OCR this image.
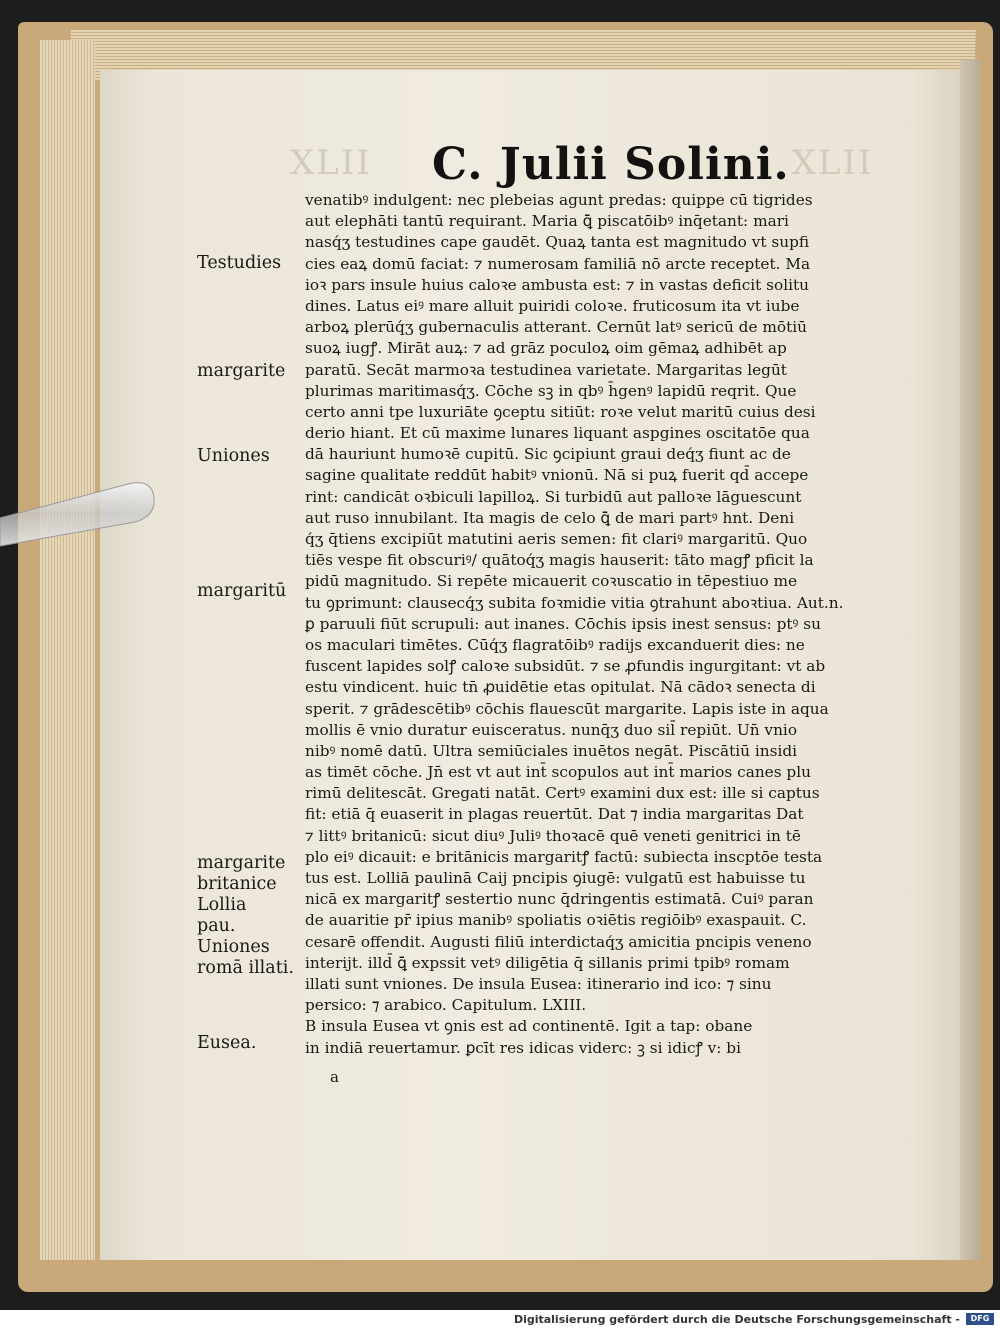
XLII	XLII
C. Julii Solini.
venatibꝰ indulgent: nec plebeias agunt predas: quippe cū tigrides
aut elephāti tantū requirant. Maria ꝗ̄ piscatōibꝰ inq̄etant: mari
nasq́ʒ testudines cape gaudēt. Quaꝝ tanta est magnitudo vt supfi
cies eaꝝ domū faciat: ⁊ numerosam familiā nō arcte receptet. Ma
ioꝛ pars insule huius caloꝛe ambusta est: ⁊ in vastas deficit solitu
dines. Latus eiꝰ mare alluit puiridi coloꝛe. fruticosum ita vt iube
arboꝝ plerūq́ʒ gubernaculis atterant. Cernūt latꝰ sericū de mōtiū
suoꝝ iugꝭ. Mirāt auꝝ: ⁊ ad grāz poculoꝝ oim gēmaꝝ adhibēt ap
paratū. Secāt marmoꝛa testudinea varietate. Margaritas legūt
plurimas maritimasq́ʒ. Cōche sꝫ in qbꝰ h̄genꝰ lapidū reqrit. Que
certo anni tpe luxuriāte ꝯceptu sitiūt: roꝛe velut maritū cuius desi
derio hiant. Et cū maxime lunares liquant aspgines oscitatōe qua
dā hauriunt humoꝛē cupitū. Sic ꝯcipiunt graui deq́ʒ fiunt ac de
sagine qualitate reddūt habitꝰ vnionū. Nā si puꝝ fuerit qd̄ accepe
rint: candicāt oꝛbiculi lapilloꝝ. Si turbidū aut palloꝛe lāguescunt
aut ruso innubilant. Ita magis de celo ꝗ̄ de mari partꝰ hnt. Deni
q́ʒ q̄tiens excipiūt matutini aeris semen: fit clariꝰ margaritū. Quo
tiēs vespe fit obscuriꝰ/ quātoq́ʒ magis hauserit: tāto magꝭ pficit la
pidū magnitudo. Si repēte micauerit coꝛuscatio in tēpestiuo me
tu ꝯprimunt: clausecq́ʒ subita foꝛmidie vitia ꝯtrahunt aboꝛtiua. Aut.n.
ꝑ paruuli fiūt scrupuli: aut inanes. Cōchis ipsis inest sensus: ptꝰ su
os maculari timētes. Cūq́ʒ flagratōibꝰ radijs excanduerit dies: ne
fuscent lapides solꝭ caloꝛe subsidūt. ⁊ se ꝓfundis ingurgitant: vt ab
estu vindicent. huic tn̄ ꝓuidētie etas opitulat. Nā cādoꝛ senecta di
sperit. ⁊ grādescētibꝰ cōchis flauescūt margarite. Lapis iste in aqua
mollis ē vnio duratur euisceratus. nunq̄ʒ duo sil̄ repiūt. Un̄ vnio
nibꝰ nomē datū. Ultra semiūciales inuētos negāt. Piscātiū insidi
as timēt cōche. Jn̄ est vt aut int̄ scopulos aut int̄ marios canes plu
rimū delitescāt. Gregati natāt. Certꝰ examini dux est: ille si captus
fit: etiā q̄ euaserit in plagas reuertūt. Dat ⁊ india margaritas Dat
⁊ littꝰ britanicū: sicut diuꝰ Juliꝰ thoꝛacē quē veneti genitrici in tē
plo eiꝰ dicauit: e britānicis margaritꝭ factū: subiecta inscptōe testa
tus est. Lolliā paulinā Caij pncipis ꝯiugē: vulgatū est habuisse tu
nicā ex margaritꝭ sestertio nunc q̄dringentis estimatā. Cuiꝰ paran
de auaritie pr̄ ipius manibꝰ spoliatis oꝛiētis regiōibꝰ exaspauit. C.
cesarē offendit. Augusti filiū interdictaq́ʒ amicitia pncipis veneno
interijt. illd̄ ꝗ̄ expssit vetꝰ diligētia q̄ sillanis primi tpibꝰ romam
illati sunt vniones. De insula Eusea: itinerario ind ico: ⁊ sinu
persico: ⁊ arabico. Capitulum. LXIII.
B insula Eusea vt ꝯnis est ad continentē. Igit a tap: obane
in indiā reuertamur. ꝑcīt res idicas viderc: ꝫ si idicꝭ v: bi
Testudies
margarite
Uniones
margaritū
margarite
britanice
Lollia
pau.
Uniones
romā illati.
Eusea.
a
Digitalisierung gefördert durch die Deutsche Forschungsgemeinschaft -	DFG
